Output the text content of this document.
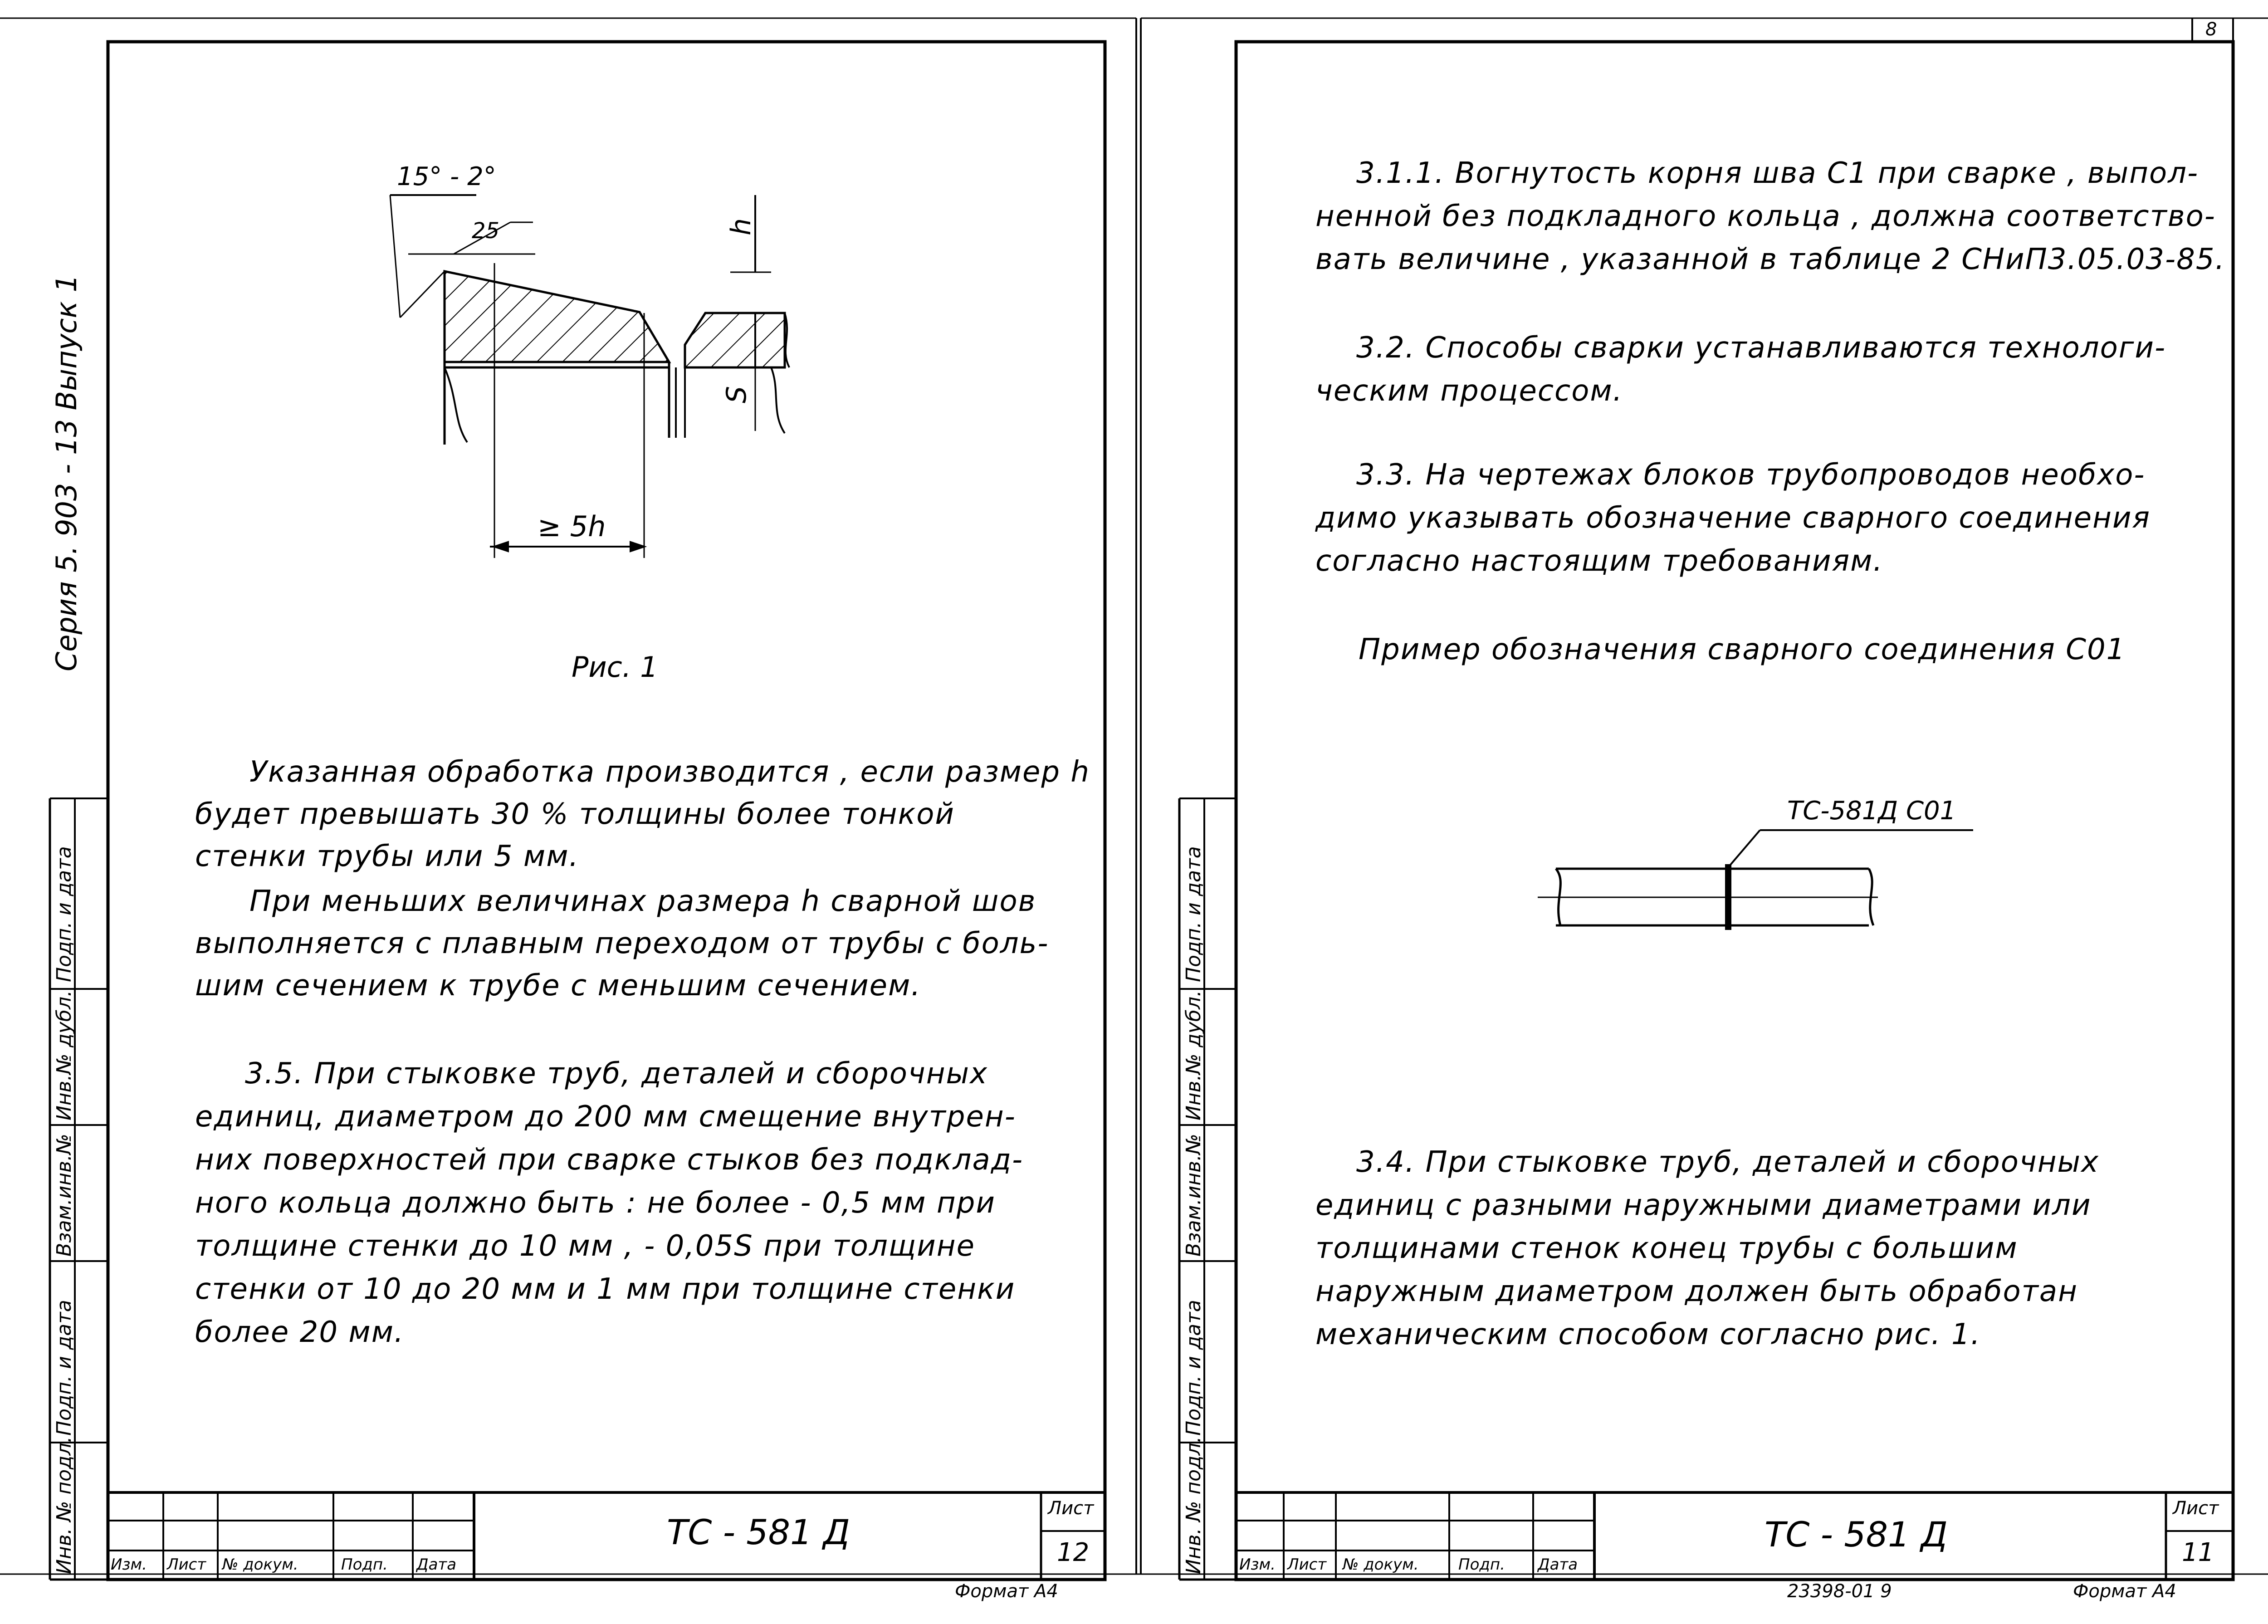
8
Серия 5. 903 - 13 Выпуск 1
Инв. № подл.
Подп. и дата
Взам.инв.№
Инв.№ дубл.
Подп. и дата
Инв. № подл.
Подп. и дата
Взам.инв.№
Инв.№ дубл.
Подп. и дата
15° - 2°
25	h
S
≥ 5h
Рис. 1
Указанная обработка производится , если размер h
будет превышать 30 % толщины более тонкой
стенки трубы или 5 мм.
При меньших величинах размера h сварной шов
выполняется с плавным переходом от трубы с боль-
шим сечением к трубе с меньшим сечением.
3.5. При стыковке труб, деталей и сборочных
единиц, диаметром до 200 мм смещение внутрен-
них поверхностей при сварке стыков без подклад-
ного кольца должно быть : не более - 0,5 мм при
толщине стенки до 10 мм , - 0,05S при толщине
стенки от 10 до 20 мм и 1 мм при толщине стенки
более 20 мм.
Изм. Лист № докум.	Подп. Дата
ТС - 581 Д
Лист
12
Формат А4
3.1.1. Вогнутость корня шва С1 при сварке , выпол-
ненной без подкладного кольца , должна соответство-
вать величине , указанной в таблице 2 СНиП3.05.03-85.
3.2. Способы сварки устанавливаются технологи-
ческим процессом.
3.3. На чертежах блоков трубопроводов необхо-
димо указывать обозначение сварного соединения
согласно настоящим требованиям.
Пример обозначения сварного соединения С01
ТС-581Д С01
3.4. При стыковке труб, деталей и сборочных
единиц с разными наружными диаметрами или
толщинами стенок конец трубы с большим
наружным диаметром должен быть обработан
механическим способом согласно рис. 1.
Изм. Лист № докум.	Подп. Дата
ТС - 581 Д
Лист
11
23398-01 9	Формат А4
